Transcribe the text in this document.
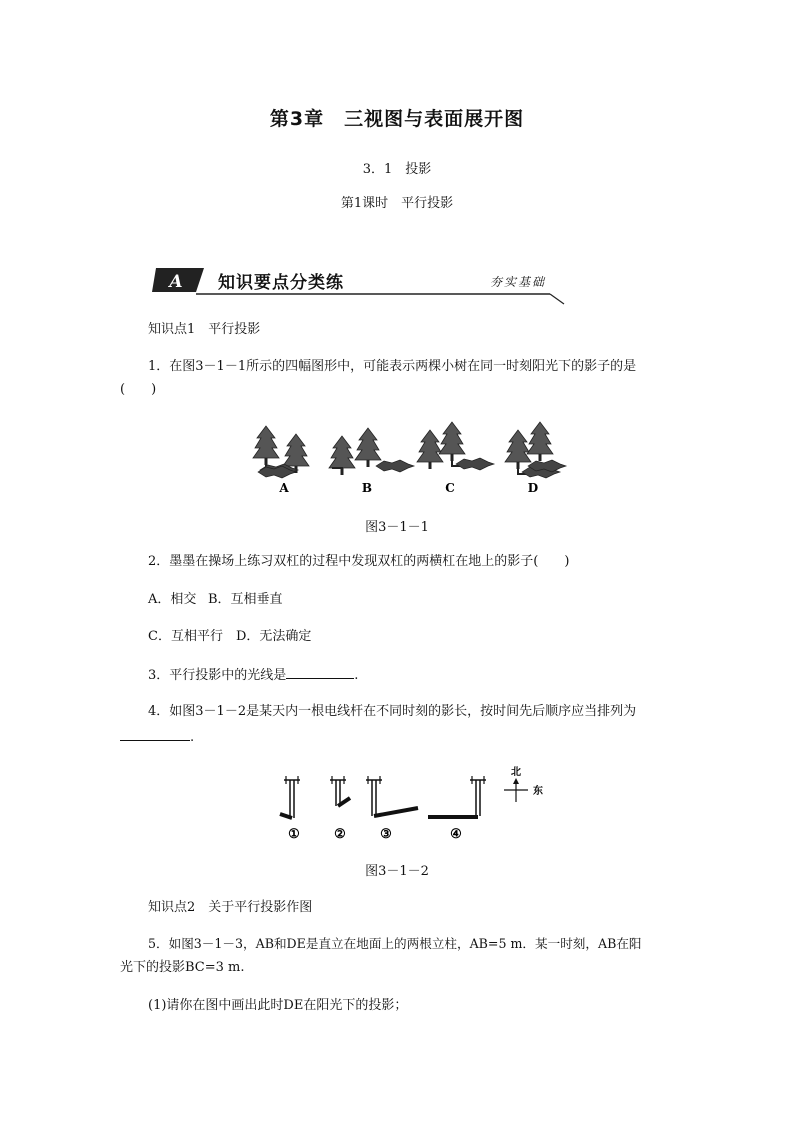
第3章　三视图与表面展开图
3．1　投影
第1课时　平行投影
A 知识要点分类练	夯实基础
知识点1　平行投影
1．在图3－1－1所示的四幅图形中，可能表示两棵小树在同一时刻阳光下的影子的是
(　　)
A	B	C	D
图3－1－1
2．墨墨在操场上练习双杠的过程中发现双杠的两横杠在地上的影子(　　)
A．相交 B．互相垂直
C．互相平行 D．无法确定
3．平行投影中的光线是	.
4．如图3－1－2是某天内一根电线杆在不同时刻的影长，按时间先后顺序应当排列为
.
北
东
①	②	③	④
图3－1－2
知识点2　关于平行投影作图
5．如图3－1－3，AB和DE是直立在地面上的两根立柱，AB=5 m．某一时刻，AB在阳
光下的投影BC=3 m.
(1)请你在图中画出此时DE在阳光下的投影；
